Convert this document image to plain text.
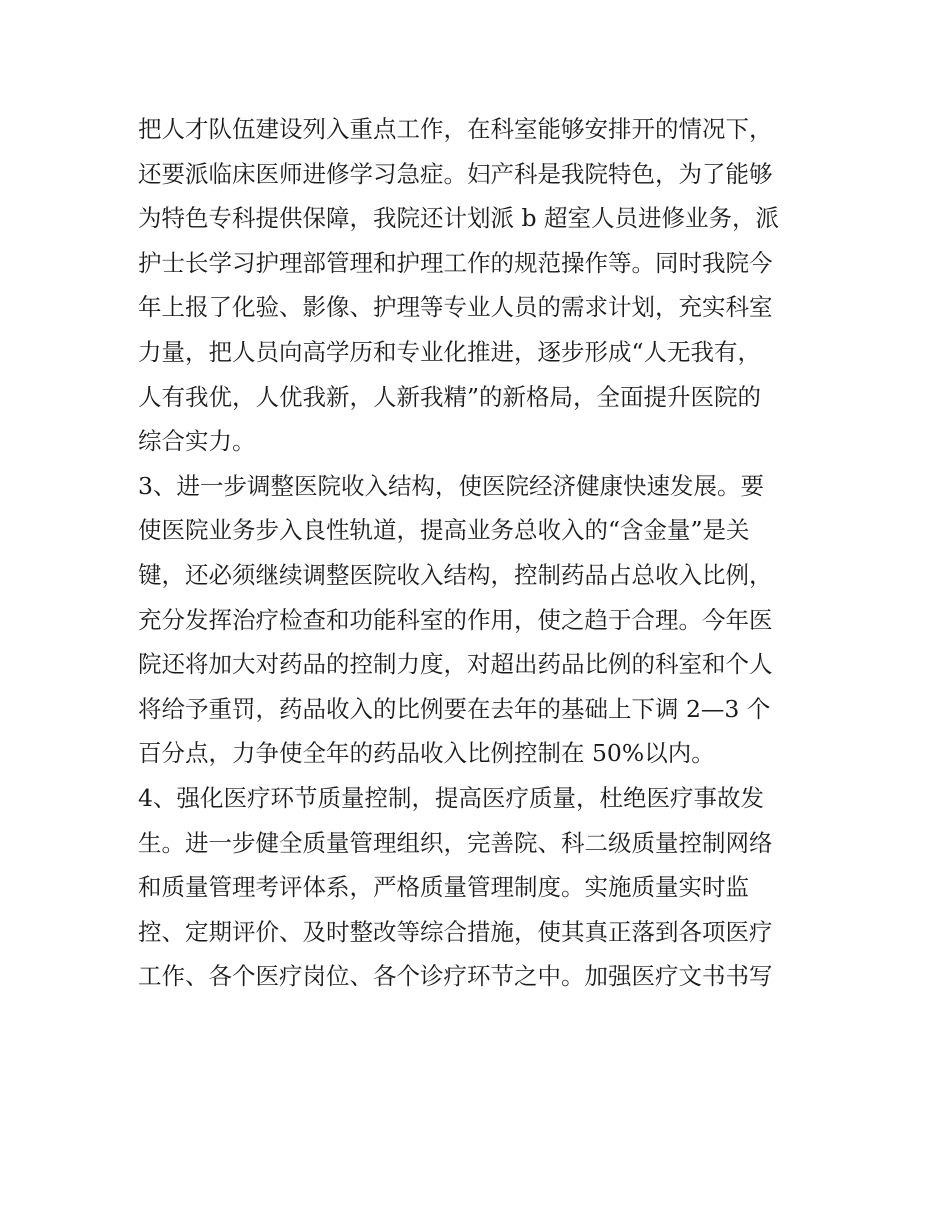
把人才队伍建设列入重点工作，在科室能够安排开的情况下，
还要派临床医师进修学习急症。妇产科是我院特色，为了能够
为特色专科提供保障，我院还计划派 b 超室人员进修业务，派
护士长学习护理部管理和护理工作的规范操作等。同时我院今
年上报了化验、影像、护理等专业人员的需求计划，充实科室
力量，把人员向高学历和专业化推进，逐步形成“人无我有，
人有我优，人优我新，人新我精”的新格局，全面提升医院的
综合实力。
3、进一步调整医院收入结构，使医院经济健康快速发展。要
使医院业务步入良性轨道，提高业务总收入的“含金量”是关
键，还必须继续调整医院收入结构，控制药品占总收入比例，
充分发挥治疗检查和功能科室的作用，使之趋于合理。今年医
院还将加大对药品的控制力度，对超出药品比例的科室和个人
将给予重罚，药品收入的比例要在去年的基础上下调 2—3 个
百分点，力争使全年的药品收入比例控制在 50%以内。
4、强化医疗环节质量控制，提高医疗质量，杜绝医疗事故发
生。进一步健全质量管理组织，完善院、科二级质量控制网络
和质量管理考评体系，严格质量管理制度。实施质量实时监
控、定期评价、及时整改等综合措施，使其真正落到各项医疗
工作、各个医疗岗位、各个诊疗环节之中。加强医疗文书书写
